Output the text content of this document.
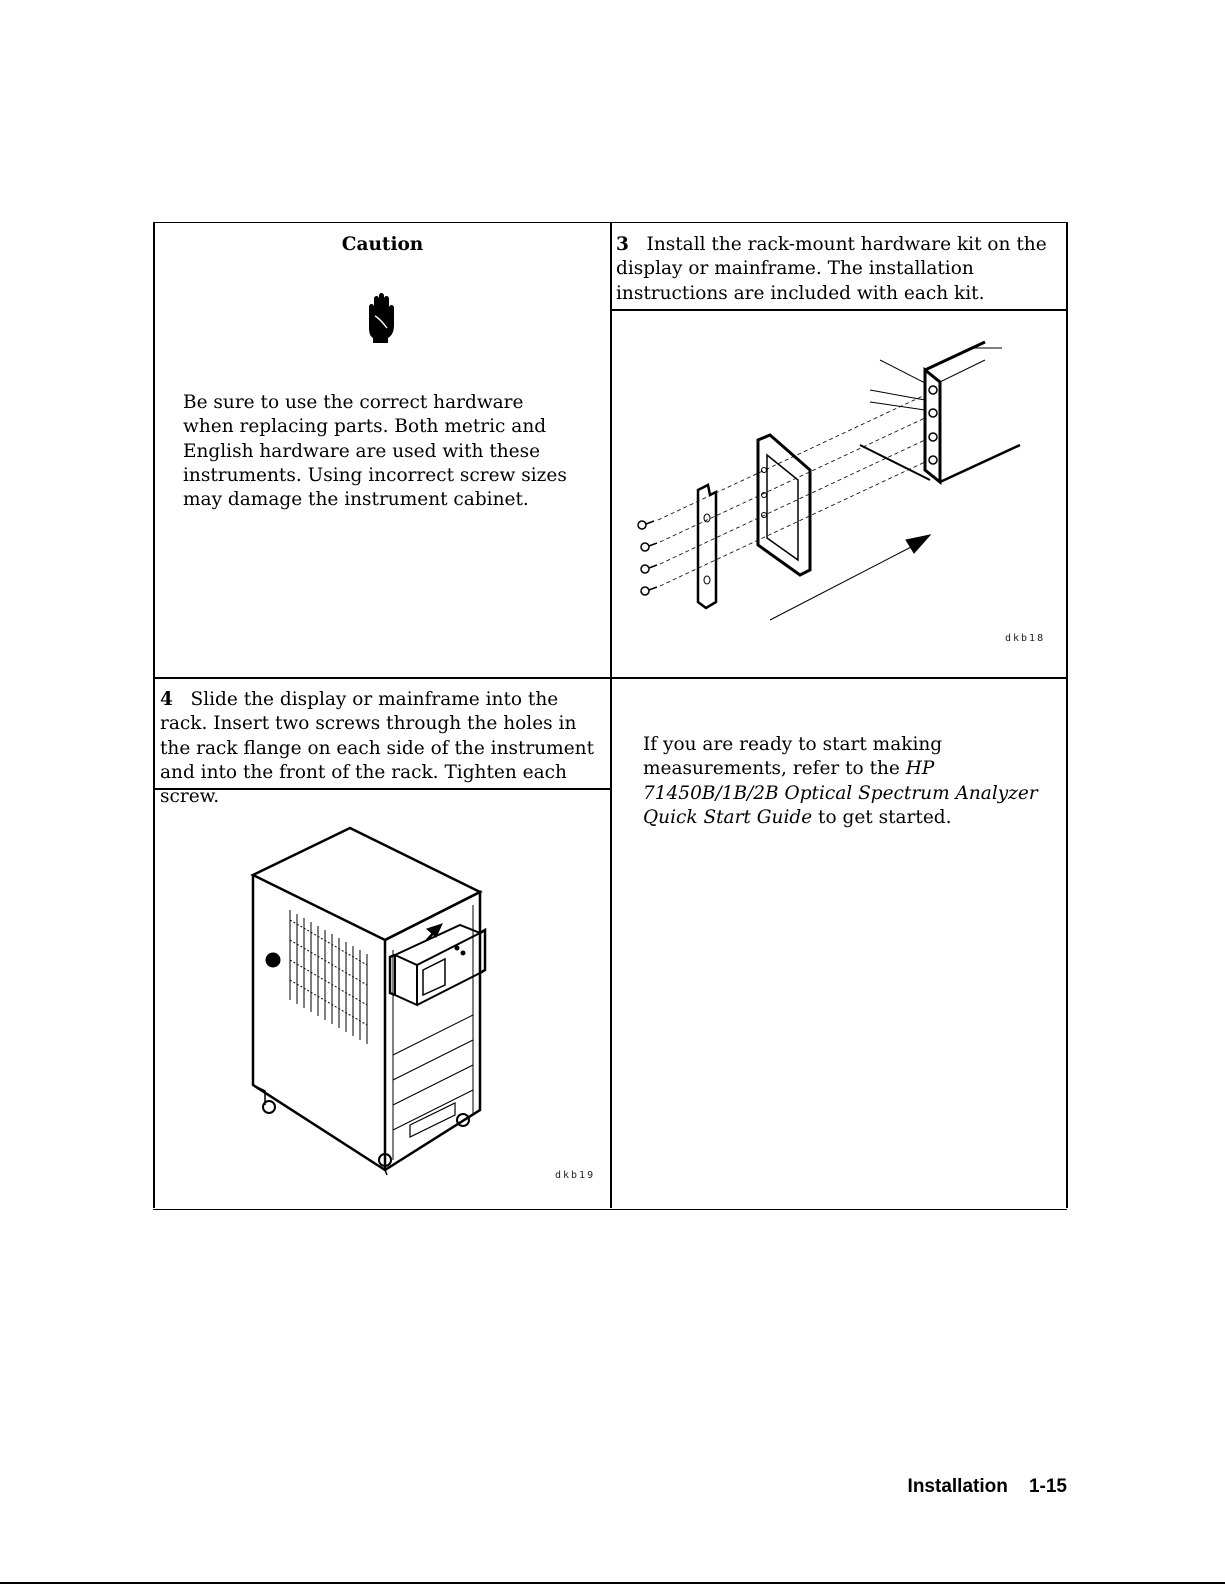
Caution
Be sure to use the correct hardware when replacing parts. Both metric and English hardware are used with these instruments. Using incorrect screw sizes may damage the instrument cabinet.
3 Install the rack-mount hardware kit on the display or mainframe. The installation instructions are included with each kit.
dkb18
4 Slide the display or mainframe into the rack. Insert two screws through the holes in the rack flange on each side of the instrument and into the front of the rack. Tighten each screw.
dkb19
If you are ready to start making measurements, refer to the HP 71450B/1B/2B Optical Spectrum Analyzer Quick Start Guide to get started.
Installation 1-15
